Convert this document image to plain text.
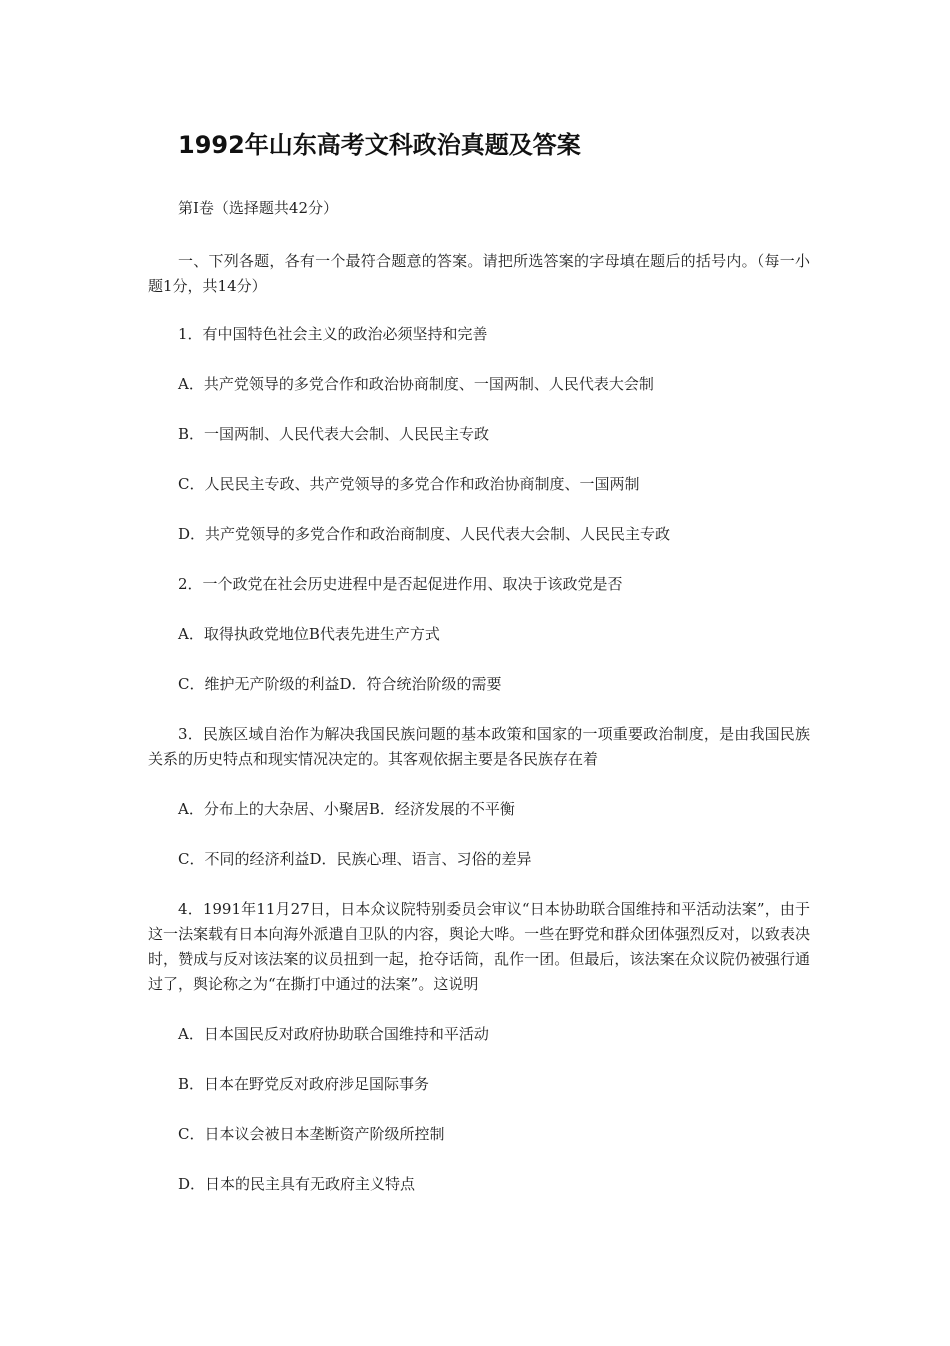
1992年山东高考文科政治真题及答案

第I卷（选择题共42分）

一、下列各题，各有一个最符合题意的答案。请把所选答案的字母填在题后的括号内。（每一小题1分，共14分）

1．有中国特色社会主义的政治必须坚持和完善

A．共产党领导的多党合作和政治协商制度、一国两制、人民代表大会制

B．一国两制、人民代表大会制、人民民主专政

C．人民民主专政、共产党领导的多党合作和政治协商制度、一国两制

D．共产党领导的多党合作和政治商制度、人民代表大会制、人民民主专政

2．一个政党在社会历史进程中是否起促进作用、取决于该政党是否

A．取得执政党地位B代表先进生产方式

C．维护无产阶级的利益D．符合统治阶级的需要

3．民族区域自治作为解决我国民族问题的基本政策和国家的一项重要政治制度，是由我国民族关系的历史特点和现实情况决定的。其客观依据主要是各民族存在着

A．分布上的大杂居、小聚居B．经济发展的不平衡

C．不同的经济利益D．民族心理、语言、习俗的差异

4．1991年11月27日，日本众议院特别委员会审议“日本协助联合国维持和平活动法案”，由于这一法案载有日本向海外派遣自卫队的内容，舆论大哗。一些在野党和群众团体强烈反对，以致表决时，赞成与反对该法案的议员扭到一起，抢夺话筒，乱作一团。但最后，该法案在众议院仍被强行通过了，舆论称之为“在撕打中通过的法案”。这说明

A．日本国民反对政府协助联合国维持和平活动

B．日本在野党反对政府涉足国际事务

C．日本议会被日本垄断资产阶级所控制

D．日本的民主具有无政府主义特点
